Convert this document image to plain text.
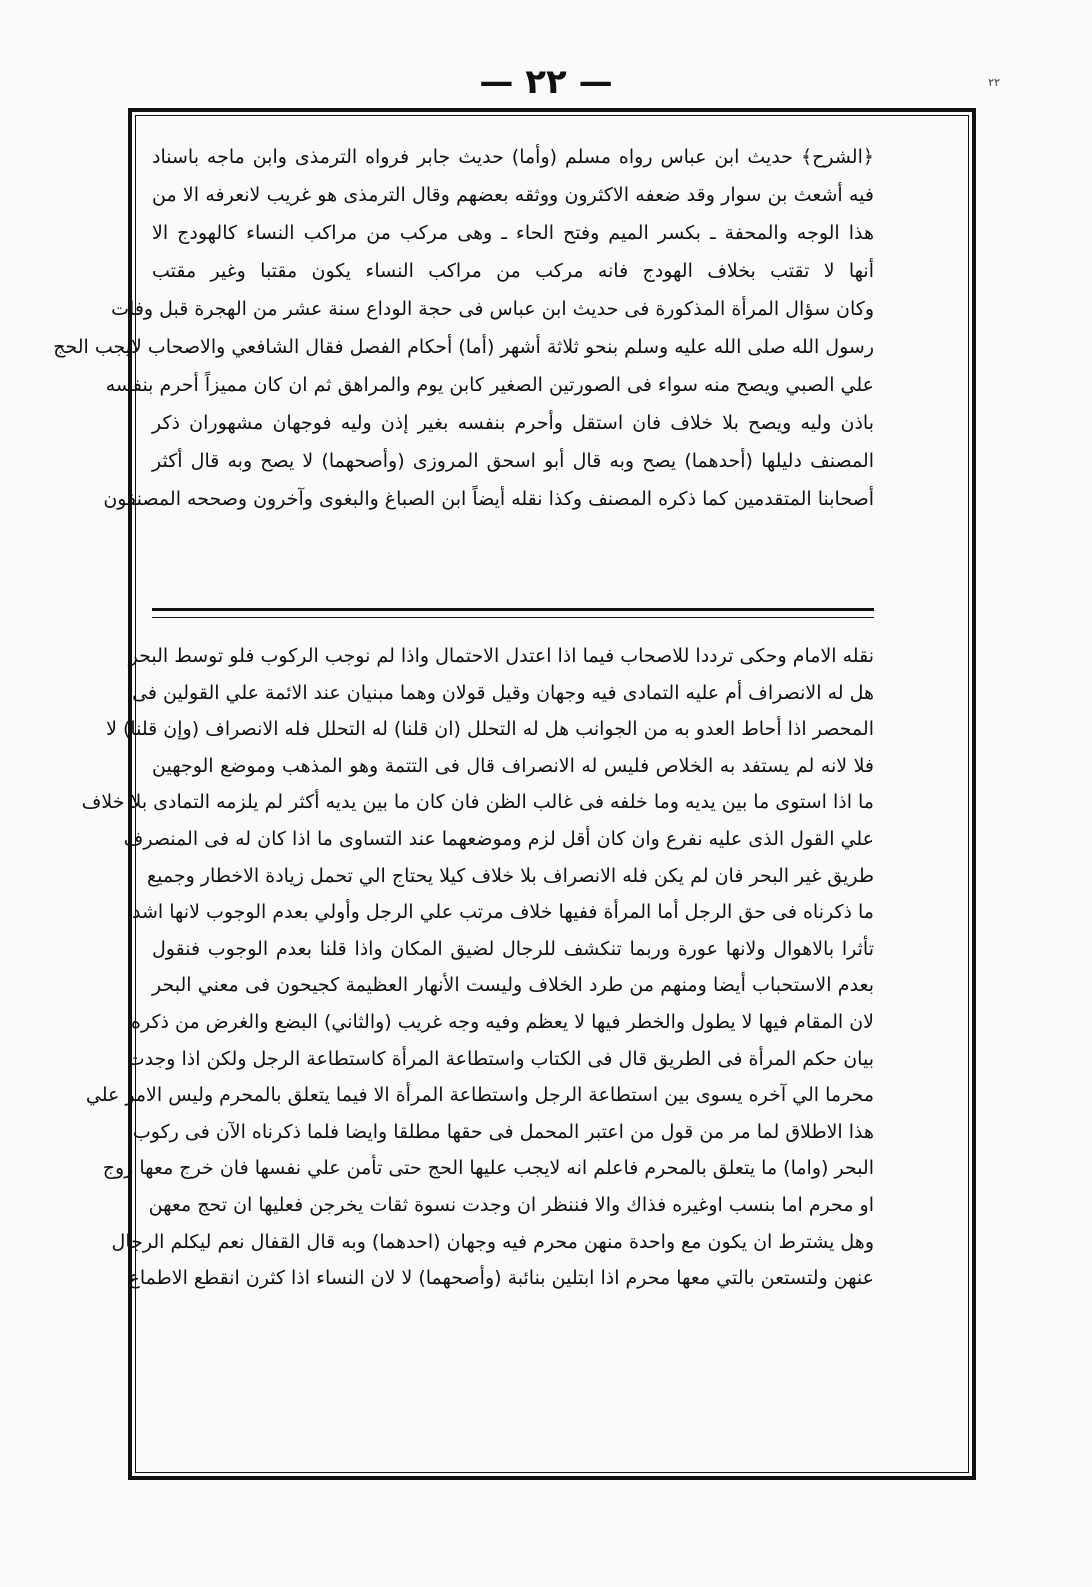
— ٢٢ —	٢٢
﴿الشرح﴾ حديث ابن عباس رواه مسلم (وأما) حديث جابر فرواه الترمذى وابن ماجه باسناد
فيه أشعث بن سوار وقد ضعفه الاكثرون ووثقه بعضهم وقال الترمذى هو غريب لانعرفه الا من
هذا الوجه والمحفة ـ بكسر الميم وفتح الحاء ـ وهى مركب من مراكب النساء كالهودج الا
أنها لا تقتب بخلاف الهودج فانه مركب من مراكب النساء يكون مقتبا وغير مقتب
وكان سؤال المرأة المذكورة فى حديث ابن عباس فى حجة الوداع سنة عشر من الهجرة قبل وفات
رسول الله صلى الله عليه وسلم بنحو ثلاثة أشهر (أما) أحكام الفصل فقال الشافعي والاصحاب لايجب الحج
علي الصبي ويصح منه سواء فى الصورتين الصغير كابن يوم والمراهق ثم ان كان مميزاً أحرم بنفسه
باذن وليه ويصح بلا خلاف فان استقل وأحرم بنفسه بغير إذن وليه فوجهان مشهوران ذكر
المصنف دليلها (أحدهما) يصح وبه قال أبو اسحق المروزى (وأصحهما) لا يصح وبه قال أكثر
أصحابنا المتقدمين كما ذكره المصنف وكذا نقله أيضاً ابن الصباغ والبغوى وآخرون وصححه المصنفون
نقله الامام وحكى ترددا للاصحاب فيما اذا اعتدل الاحتمال واذا لم نوجب الركوب فلو توسط البحر
هل له الانصراف أم عليه التمادى فيه وجهان وقيل قولان وهما مبنيان عند الائمة علي القولين فى
المحصر اذا أحاط العدو به من الجوانب هل له التحلل (ان قلنا) له التحلل فله الانصراف (وإن قلنا) لا
فلا لانه لم يستفد به الخلاص فليس له الانصراف قال فى التتمة وهو المذهب وموضع الوجهين
ما اذا استوى ما بين يديه وما خلفه فى غالب الظن فان كان ما بين يديه أكثر لم يلزمه التمادى بلا خلاف
علي القول الذى عليه نفرع وان كان أقل لزم وموضعهما عند التساوى ما اذا كان له فى المنصرف
طريق غير البحر فان لم يكن فله الانصراف بلا خلاف كيلا يحتاج الي تحمل زيادة الاخطار وجميع
ما ذكرناه فى حق الرجل أما المرأة ففيها خلاف مرتب علي الرجل وأولي بعدم الوجوب لانها اشد
تأثرا بالاهوال ولانها عورة وربما تنكشف للرجال لضيق المكان واذا قلنا بعدم الوجوب فنقول
بعدم الاستحباب أيضا ومنهم من طرد الخلاف وليست الأنهار العظيمة كجيحون فى معني البحر
لان المقام فيها لا يطول والخطر فيها لا يعظم وفيه وجه غريب (والثاني) البضع والغرض من ذكره
بيان حكم المرأة فى الطريق قال فى الكتاب واستطاعة المرأة كاستطاعة الرجل ولكن اذا وجدت
محرما الي آخره يسوى بين استطاعة الرجل واستطاعة المرأة الا فيما يتعلق بالمحرم وليس الامر علي
هذا الاطلاق لما مر من قول من اعتبر المحمل فى حقها مطلقا وايضا فلما ذكرناه الآن فى ركوب
البحر (واما) ما يتعلق بالمحرم فاعلم انه لايجب عليها الحج حتى تأمن علي نفسها فان خرج معها زوج
او محرم اما بنسب اوغيره فذاك والا فننظر ان وجدت نسوة ثقات يخرجن فعليها ان تحج معهن
وهل يشترط ان يكون مع واحدة منهن محرم فيه وجهان (احدهما) وبه قال القفال نعم ليكلم الرجال
عنهن ولتستعن بالتي معها محرم اذا ابتلين بنائبة (وأصحهما) لا لان النساء اذا كثرن انقطع الاطماع
